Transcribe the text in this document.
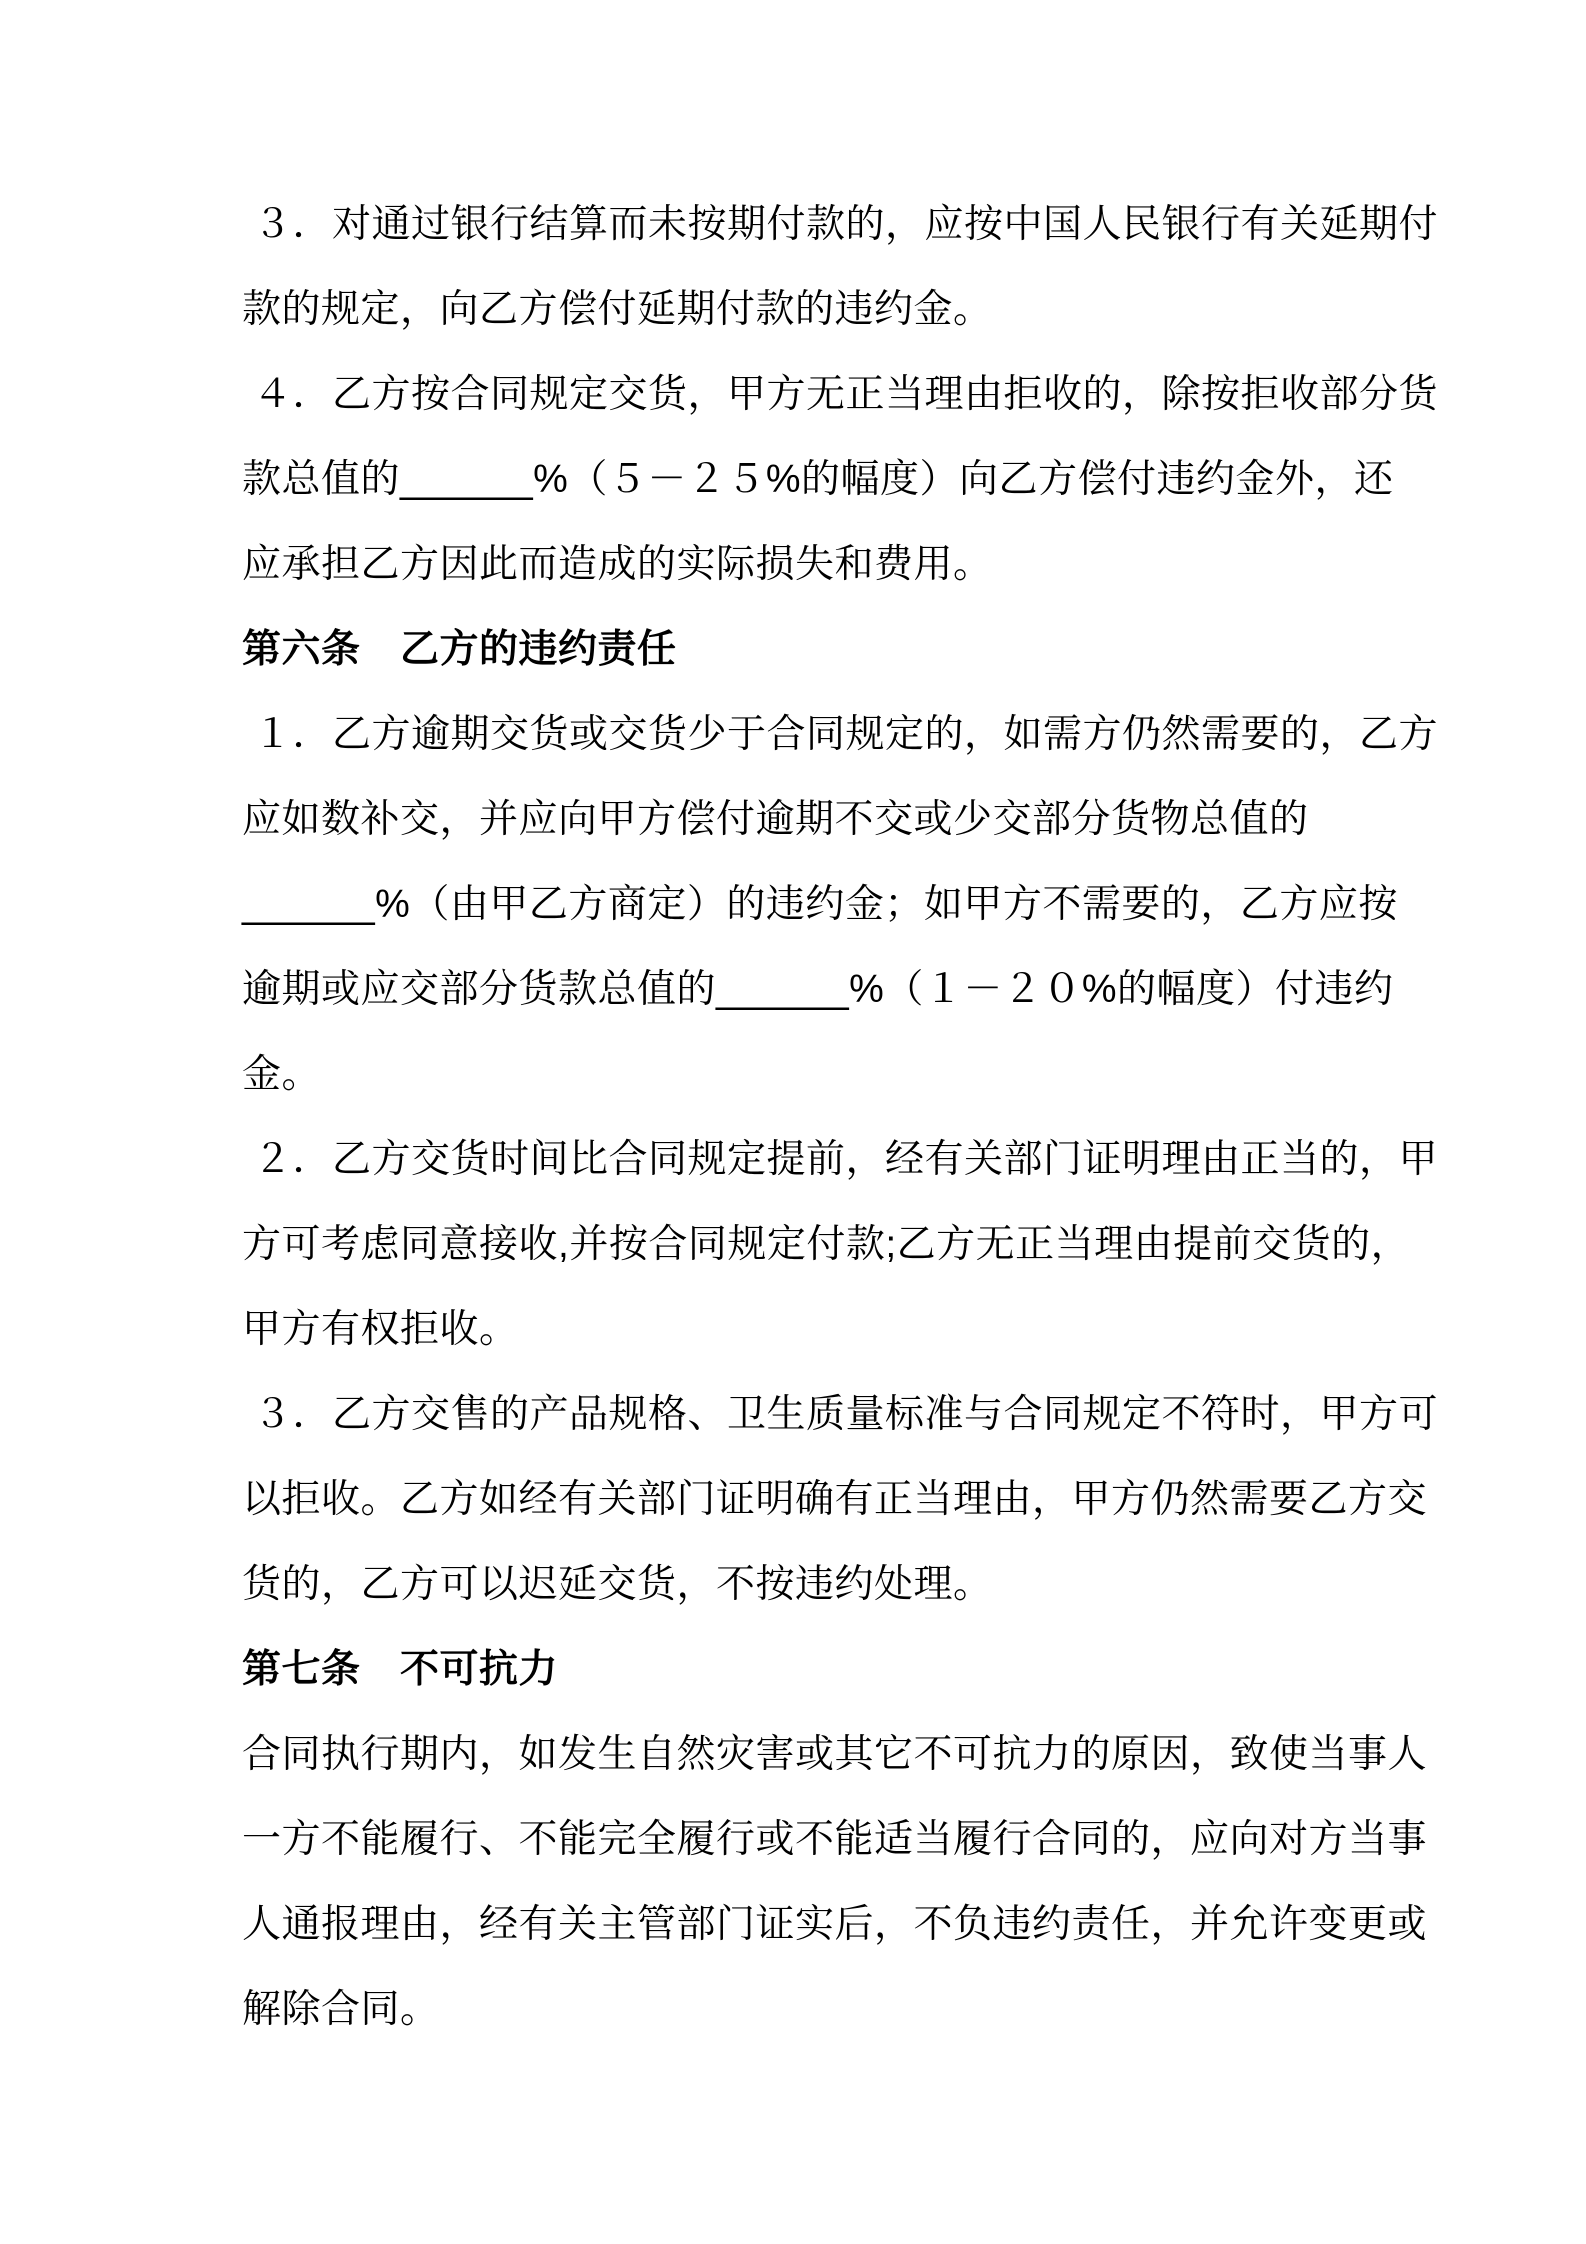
３．对通过银行结算而未按期付款的，应按中国人民银行有关延期付
款的规定，向乙方偿付延期付款的违约金。
４．乙方按合同规定交货，甲方无正当理由拒收的，除按拒收部分货
款总值的______%（５－２５%的幅度）向乙方偿付违约金外，还
应承担乙方因此而造成的实际损失和费用。
第六条　乙方的违约责任
１．乙方逾期交货或交货少于合同规定的，如需方仍然需要的，乙方
应如数补交，并应向甲方偿付逾期不交或少交部分货物总值的
______%（由甲乙方商定）的违约金；如甲方不需要的，乙方应按
逾期或应交部分货款总值的______%（１－２０%的幅度）付违约
金。
２．乙方交货时间比合同规定提前，经有关部门证明理由正当的，甲
方可考虑同意接收,并按合同规定付款;乙方无正当理由提前交货的，
甲方有权拒收。
３．乙方交售的产品规格、卫生质量标准与合同规定不符时，甲方可
以拒收。乙方如经有关部门证明确有正当理由，甲方仍然需要乙方交
货的，乙方可以迟延交货，不按违约处理。
第七条　不可抗力
合同执行期内，如发生自然灾害或其它不可抗力的原因，致使当事人
一方不能履行、不能完全履行或不能适当履行合同的，应向对方当事
人通报理由，经有关主管部门证实后，不负违约责任，并允许变更或
解除合同。
